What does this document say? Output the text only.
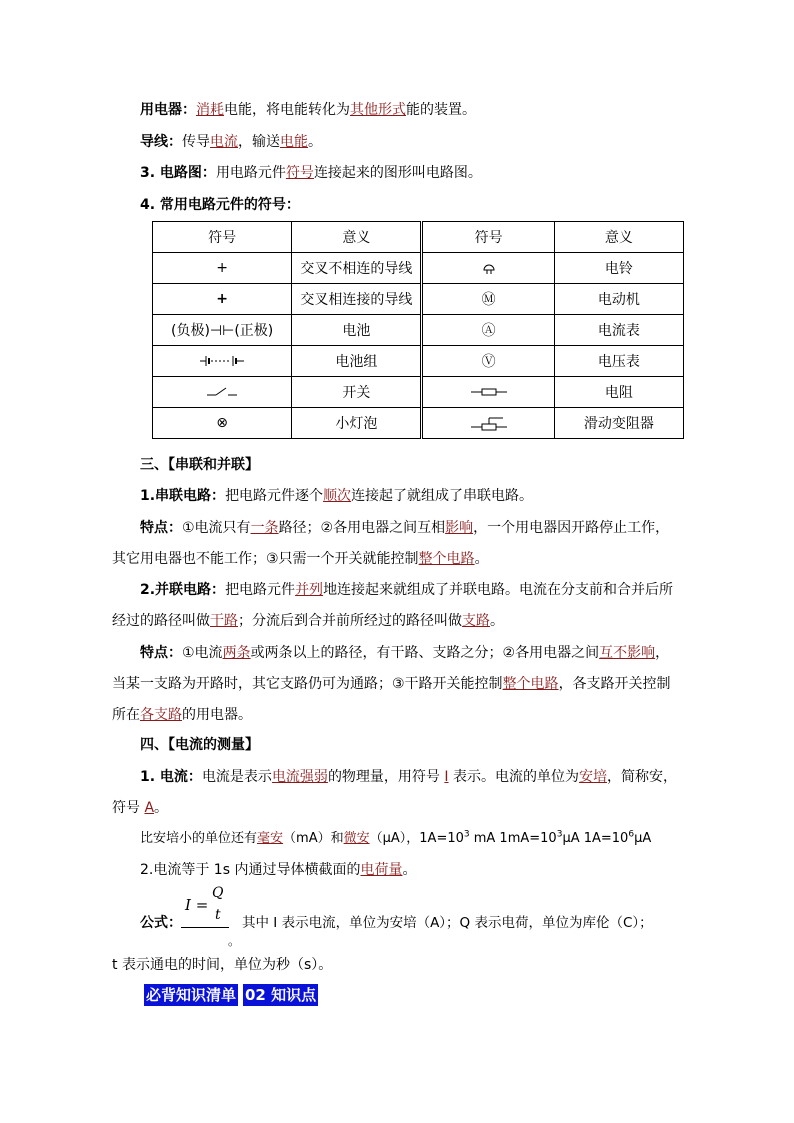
用电器：消耗电能，将电能转化为其他形式能的装置。
导线：传导电流，输送电能。
3. 电路图：用电路元件符号连接起来的图形叫电路图。
4. 常用电路元件的符号：
符号	意义	符号	意义
+	交叉不相连的导线		电铃
+	交叉相连接的导线	Ⓜ	电动机
(负极)⊣⊢(正极)	电池	Ⓐ	电流表

	电池组	Ⓥ	电压表

	开关		电阻
⊗	小灯泡		滑动变阻器
三、【串联和并联】
1.串联电路：把电路元件逐个顺次连接起了就组成了串联电路。
特点：①电流只有一条路径；②各用电器之间互相影响，一个用电器因开路停止工作，
其它用电器也不能工作；③只需一个开关就能控制整个电路。
2.并联电路：把电路元件并列地连接起来就组成了并联电路。电流在分支前和合并后所
经过的路径叫做干路；分流后到合并前所经过的路径叫做支路。
特点：①电流两条或两条以上的路径，有干路、支路之分；②各用电器之间互不影响，
当某一支路为开路时，其它支路仍可为通路；③干路开关能控制整个电路，各支路开关控制
所在各支路的用电器。
四、【电流的测量】
1. 电流：电流是表示电流强弱的物理量，用符号 I 表示。电流的单位为安培，简称安，
符号 A。
比安培小的单位还有毫安（mA）和微安（μA），$1A=10^3$ mA $1mA=10^3\mu A$ $1A=10^6\mu A$
2.电流等于 1s 内通过导体横截面的电荷量。
公式：
I =
Q
t 其中 I 表示电流，单位为安培（A）；Q 表示电荷，单位为库伦（C）；
。
t 表示通电的时间，单位为秒（s）。
必背知识清单 02 知识点
